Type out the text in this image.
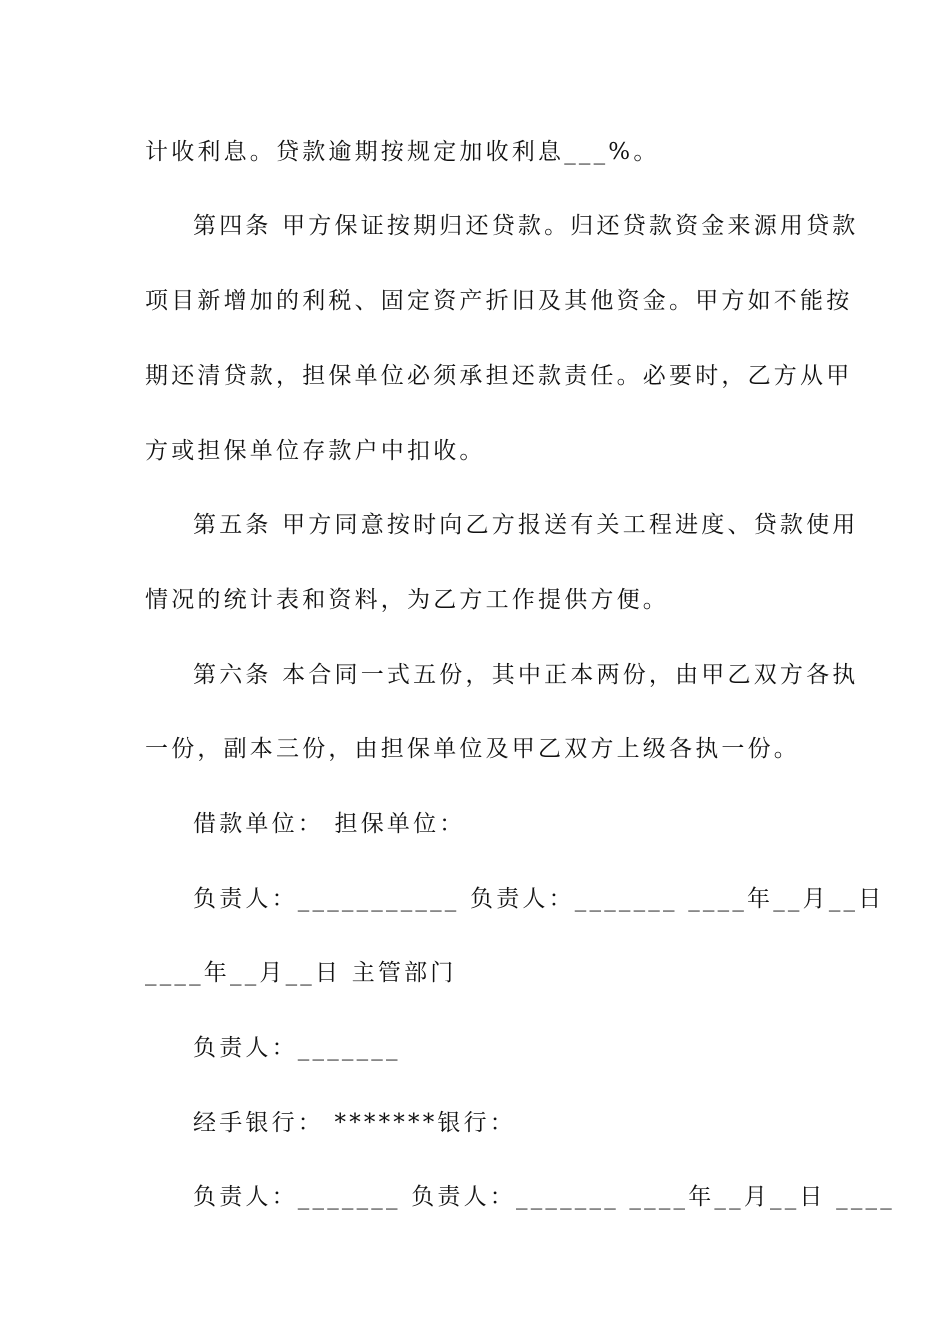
计收利息。贷款逾期按规定加收利息___%。
第四条 甲方保证按期归还贷款。归还贷款资金来源用贷款
项目新增加的利税、固定资产折旧及其他资金。甲方如不能按
期还清贷款，担保单位必须承担还款责任。必要时，乙方从甲
方或担保单位存款户中扣收。
第五条 甲方同意按时向乙方报送有关工程进度、贷款使用
情况的统计表和资料，为乙方工作提供方便。
第六条 本合同一式五份，其中正本两份，由甲乙双方各执
一份，副本三份，由担保单位及甲乙双方上级各执一份。
借款单位： 担保单位：
负责人：___________ 负责人：_______ ____年__月__日
____年__月__日 主管部门
负责人：_______
经手银行： *******银行：
负责人：_______ 负责人：_______ ____年__月__日 ____
